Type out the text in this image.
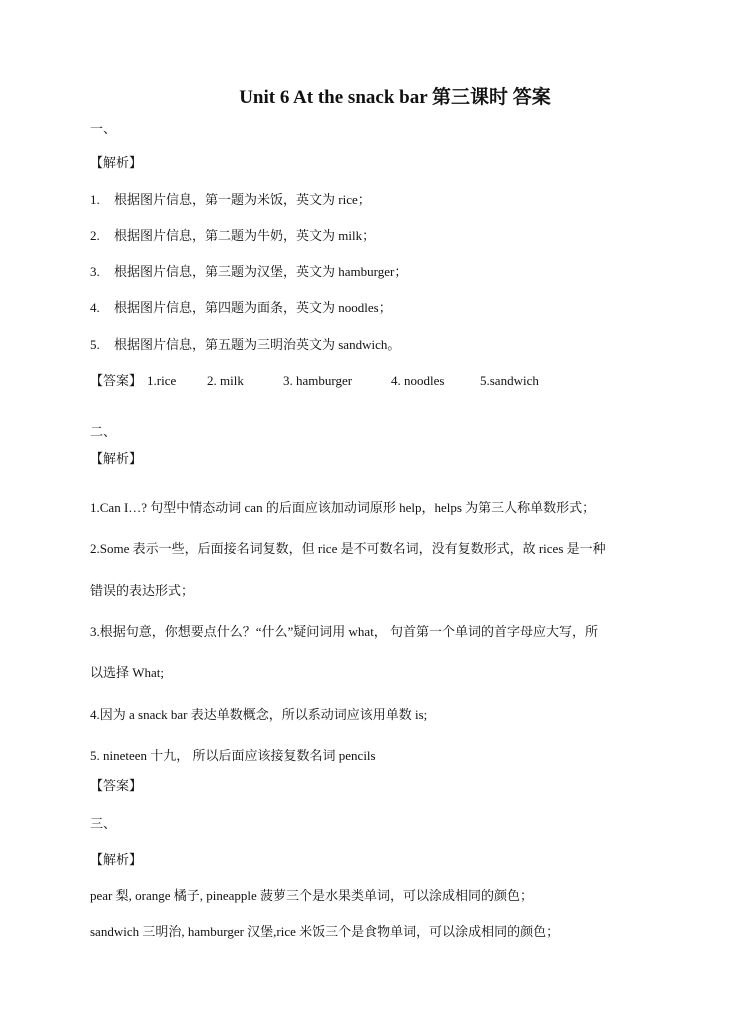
Unit 6 At the snack bar 第三课时 答案
一、
【解析】
1. 根据图片信息，第一题为米饭，英文为 rice；
2. 根据图片信息，第二题为牛奶，英文为 milk；
3. 根据图片信息，第三题为汉堡，英文为 hamburger；
4. 根据图片信息，第四题为面条，英文为 noodles；
5. 根据图片信息，第五题为三明治英文为 sandwich。
【答案】 1.rice 2. milk	3. hamburger	4. noodles	5.sandwich
二、
【解析】
1.Can I…? 句型中情态动词 can 的后面应该加动词原形 help，helps 为第三人称单数形式；
2.Some 表示一些，后面接名词复数，但 rice 是不可数名词，没有复数形式，故 rices 是一种
错误的表达形式；
3.根据句意，你想要点什么？“什么”疑问词用 what， 句首第一个单词的首字母应大写，所
以选择 What;
4.因为 a snack bar 表达单数概念，所以系动词应该用单数 is;
5. nineteen 十九， 所以后面应该接复数名词 pencils
【答案】
三、
【解析】
pear 梨, orange 橘子, pineapple 菠萝三个是水果类单词，可以涂成相同的颜色；
sandwich 三明治, hamburger 汉堡,rice 米饭三个是食物单词，可以涂成相同的颜色；
